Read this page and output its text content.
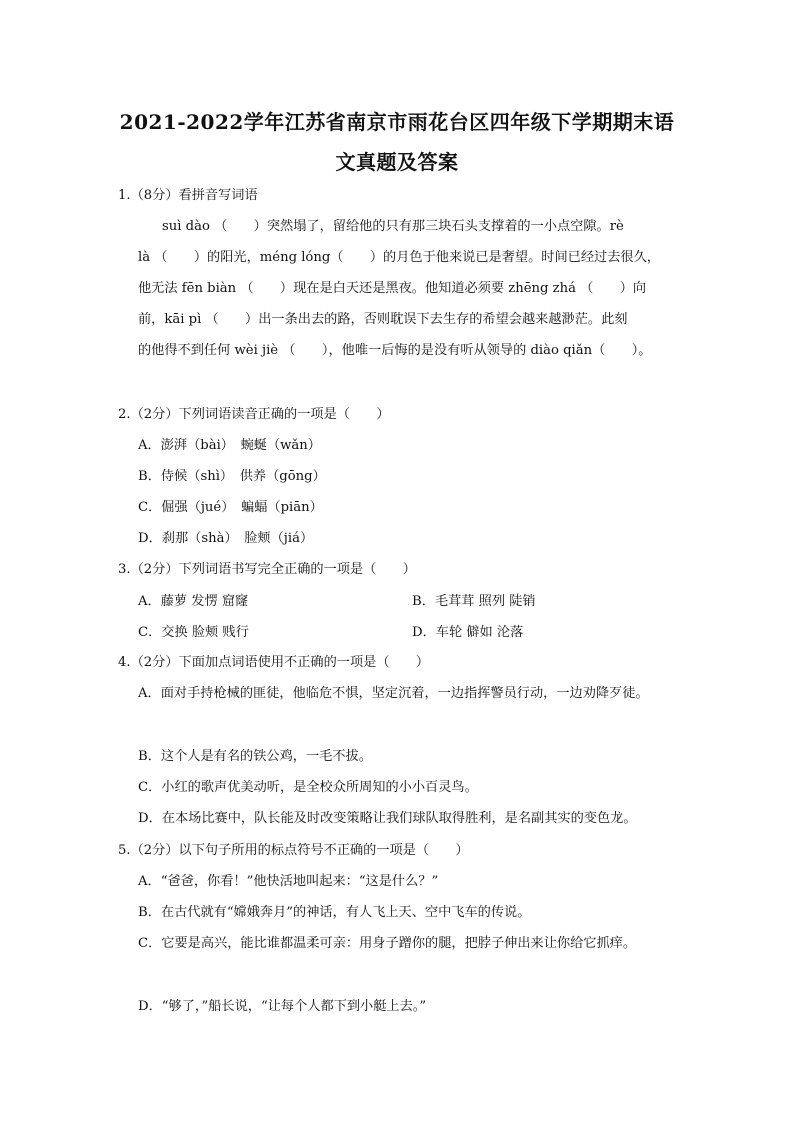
2021-2022学年江苏省南京市雨花台区四年级下学期期末语
文真题及答案
1.（8分）看拼音写词语
suì dào （　　）突然塌了，留给他的只有那三块石头支撑着的一小点空隙。rè
là （　　）的阳光，méng lóng（　　）的月色于他来说已是奢望。时间已经过去很久，
他无法 fēn biàn （　　）现在是白天还是黑夜。他知道必须要 zhēng zhá （　　）向
前，kāi pì （　　）出一条出去的路，否则耽误下去生存的希望会越来越渺茫。此刻
的他得不到任何 wèi jiè （　　），他唯一后悔的是没有听从领导的 diào qiǎn（　　）。
2.（2分）下列词语读音正确的一项是（　　）
A．澎湃（bài）　蜿蜒（wǎn）
B．侍候（shì）　供养（gōng）
C．倔强（jué）　蝙蝠（piān）
D．刹那（shà）　脸颊（jiá）
3.（2分）下列词语书写完全正确的一项是（　　）
A．藤萝 发愣 窟窿	B．毛茸茸 照列 陡销
C．交换 脸颊 贱行	D．车轮 僻如 沦落
4.（2分）下面加点词语使用不正确的一项是（　　）
A．面对手持枪械的匪徒，他临危不惧，坚定沉着，一边指挥警员行动，一边劝降歹徒。
B．这个人是有名的铁公鸡，一毛不拔。
C．小红的歌声优美动听，是全校众所周知的小小百灵鸟。
D．在本场比赛中，队长能及时改变策略让我们球队取得胜利，是名副其实的变色龙。
5.（2分）以下句子所用的标点符号不正确的一项是（　　）
A．“爸爸，你看！”他快活地叫起来：“这是什么？”
B．在古代就有“嫦娥奔月”的神话，有人飞上天、空中飞车的传说。
C．它要是高兴，能比谁都温柔可亲：用身子蹭你的腿，把脖子伸出来让你给它抓痒。
D．“够了，”船长说，“让每个人都下到小艇上去。”
